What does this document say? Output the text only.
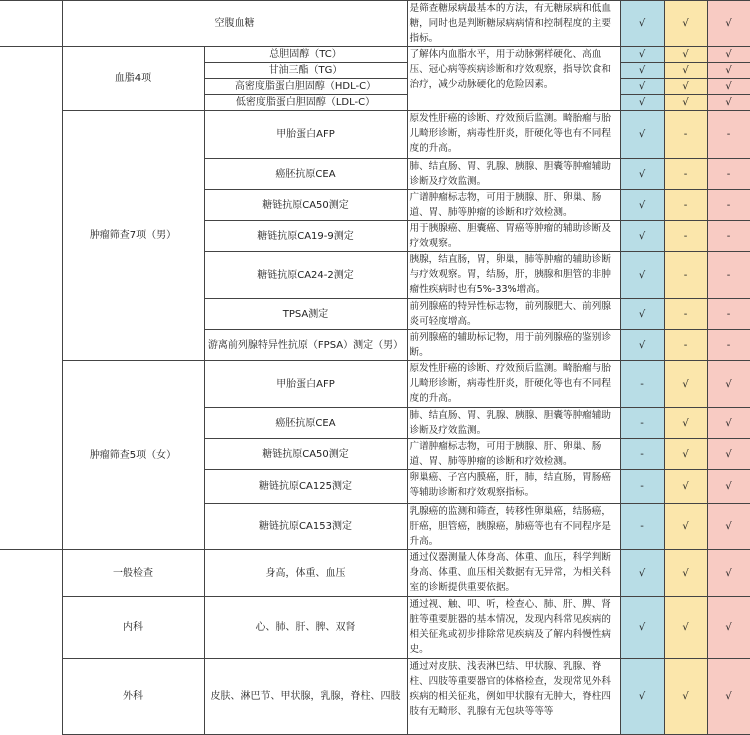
	空腹血糖		是筛查糖尿病最基本的方法，有无糖尿病和低血糖，同时也是判断糖尿病病情和控制程度的主要指标。	√	√	√
	血脂4项	总胆固醇（TC）	了解体内血脂水平，用于动脉粥样硬化、高血压、冠心病等疾病诊断和疗效观察，指导饮食和治疗，减少动脉硬化的危险因素。	√	√	√
		甘油三酯（TG）		√	√	√
		高密度脂蛋白胆固醇（HDL-C）		√	√	√
		低密度脂蛋白胆固醇（LDL-C）		√	√	√
	肿瘤筛查7项（男）	甲胎蛋白AFP	原发性肝癌的诊断、疗效预后监测。畸胎瘤与胎儿畸形诊断，病毒性肝炎，肝硬化等也有不同程度的升高。	√	-	-
		癌胚抗原CEA	肺、结直肠、胃、乳腺、胰腺、胆囊等肿瘤辅助诊断及疗效监测。	√	-	-
		糖链抗原CA50测定	广谱肿瘤标志物，可用于胰腺、肝、卵巢、肠道、胃、肺等肿瘤的诊断和疗效检测。	√	-	-
		糖链抗原CA19-9测定	用于胰腺癌、胆囊癌、胃癌等肿瘤的辅助诊断及疗效观察。	√	-	-
		糖链抗原CA24-2测定	胰腺，结直肠，胃，卵巢，肺等肿瘤的辅助诊断与疗效观察。胃，结肠，肝，胰腺和胆管的非肿瘤性疾病时也有5%-33%增高。	√	-	-
		TPSA测定	前列腺癌的特异性标志物，前列腺肥大、前列腺炎可轻度增高。	√	-	-
		游离前列腺特异性抗原（FPSA）测定（男）	前列腺癌的辅助标记物，用于前列腺癌的鉴别诊断。	√	-	-
	肿瘤筛查5项（女）	甲胎蛋白AFP	原发性肝癌的诊断、疗效预后监测。畸胎瘤与胎儿畸形诊断，病毒性肝炎，肝硬化等也有不同程度的升高。	-	√	√
		癌胚抗原CEA	肺、结直肠、胃、乳腺、胰腺、胆囊等肿瘤辅助诊断及疗效监测。	-	√	√
		糖链抗原CA50测定	广谱肿瘤标志物，可用于胰腺、肝、卵巢、肠道、胃、肺等肿瘤的诊断和疗效检测。	-	√	√
		糖链抗原CA125测定	卵巢癌、子宫内膜癌，肝，肺，结直肠，胃肠癌等辅助诊断和疗效观察指标。	-	√	√
		糖链抗原CA153测定	乳腺癌的监测和筛查，转移性卵巢癌，结肠癌，肝癌，胆管癌，胰腺癌，肺癌等也有不同程序是升高。	-	√	√
	一般检查	身高，体重、血压	通过仪器测量人体身高、体重、血压，科学判断身高、体重、血压相关数据有无异常，为相关科室的诊断提供重要依据。	√	√	√
	内科	心、肺、肝、脾、双肾	通过视、触、叩、听，检查心、肺、肝、脾、肾脏等重要脏器的基本情况，发现内科常见疾病的相关征兆或初步排除常见疾病及了解内科慢性病史。	√	√	√
	外科	皮肤、淋巴节、甲状腺，乳腺，脊柱、四肢	通过对皮肤、浅表淋巴结、甲状腺、乳腺、脊柱、四肢等重要器官的体格检查，发现常见外科疾病的相关征兆，例如甲状腺有无肿大，脊柱四肢有无畸形、乳腺有无包块等等等	√	√	√
